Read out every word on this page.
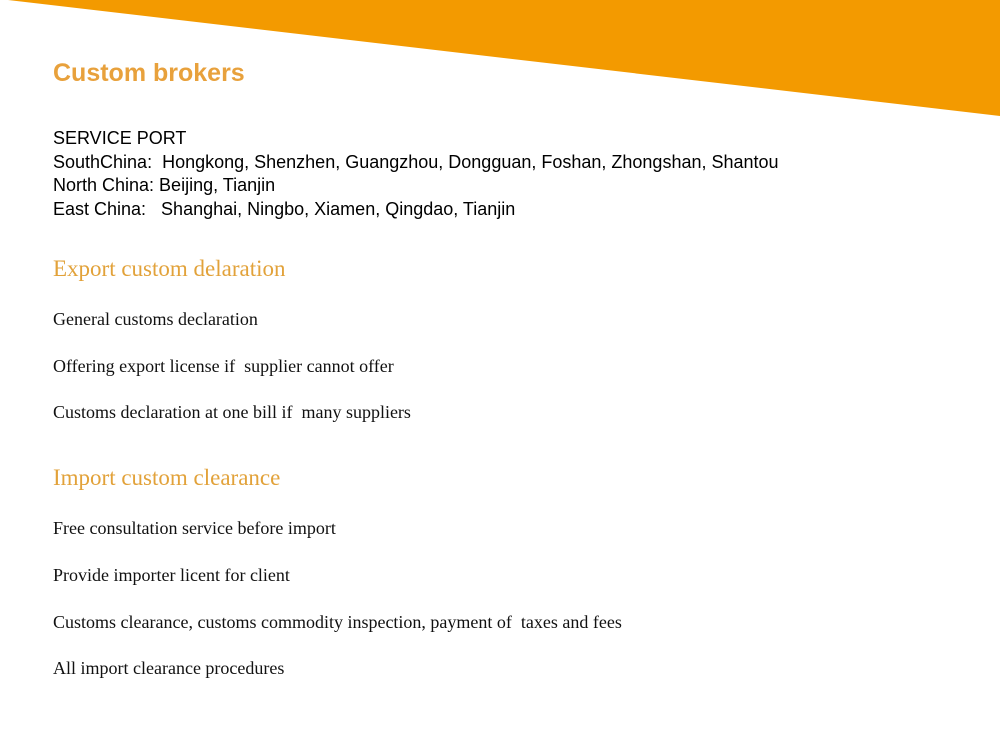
Custom brokers
SERVICE PORT
SouthChina:  Hongkong, Shenzhen, Guangzhou, Dongguan, Foshan, Zhongshan, Shantou
North China: Beijing, Tianjin
East China:   Shanghai, Ningbo, Xiamen, Qingdao, Tianjin
Export custom delaration
General customs declaration
Offering export license if  supplier cannot offer
Customs declaration at one bill if  many suppliers
Import custom clearance
Free consultation service before import
Provide importer licent for client
Customs clearance, customs commodity inspection, payment of  taxes and fees
All import clearance procedures
